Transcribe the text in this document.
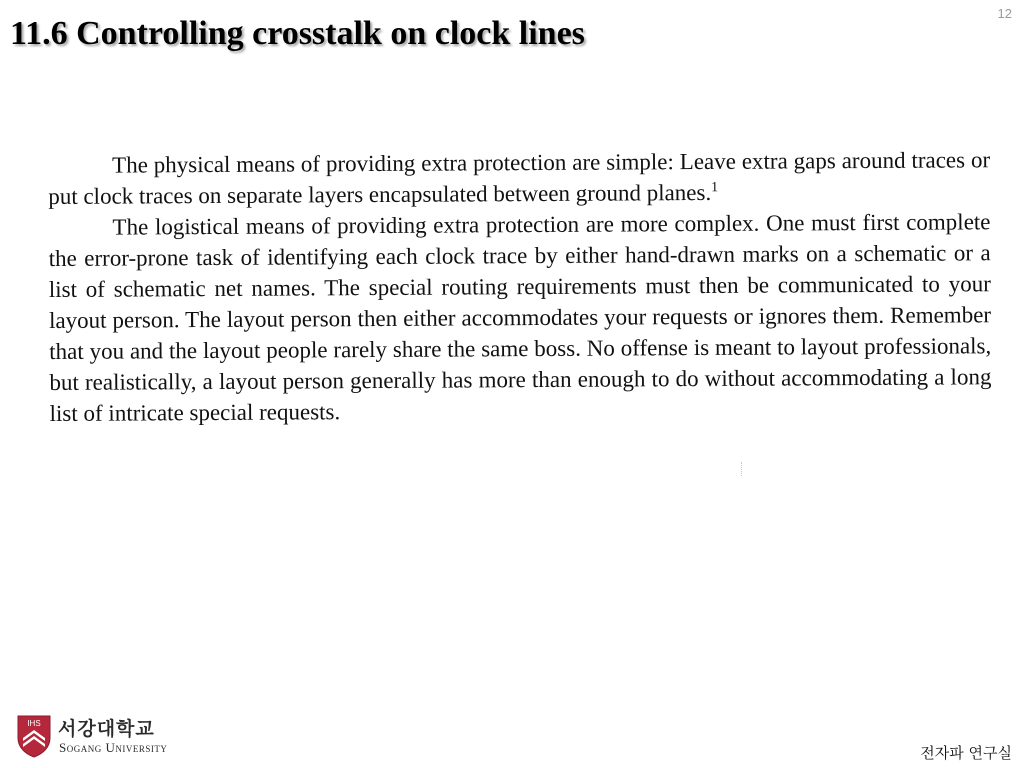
11.6 Controlling crosstalk on clock lines
12

The physical means of providing extra protection are simple: Leave extra gaps around traces or put clock traces on separate layers encapsulated between ground planes.$^1$

The logistical means of providing extra protection are more complex. One must first complete the error-prone task of identifying each clock trace by either hand-drawn marks on a schematic or a list of schematic net names. The special routing requirements must then be communicated to your layout person. The layout person then either accommodates your requests or ignores them. Remember that you and the layout people rarely share the same boss. No offense is meant to layout professionals, but realistically, a layout person generally has more than enough to do without accommodating a long list of intricate special requests.

IHS 서강대학교
Sogang University	전자파 연구실
